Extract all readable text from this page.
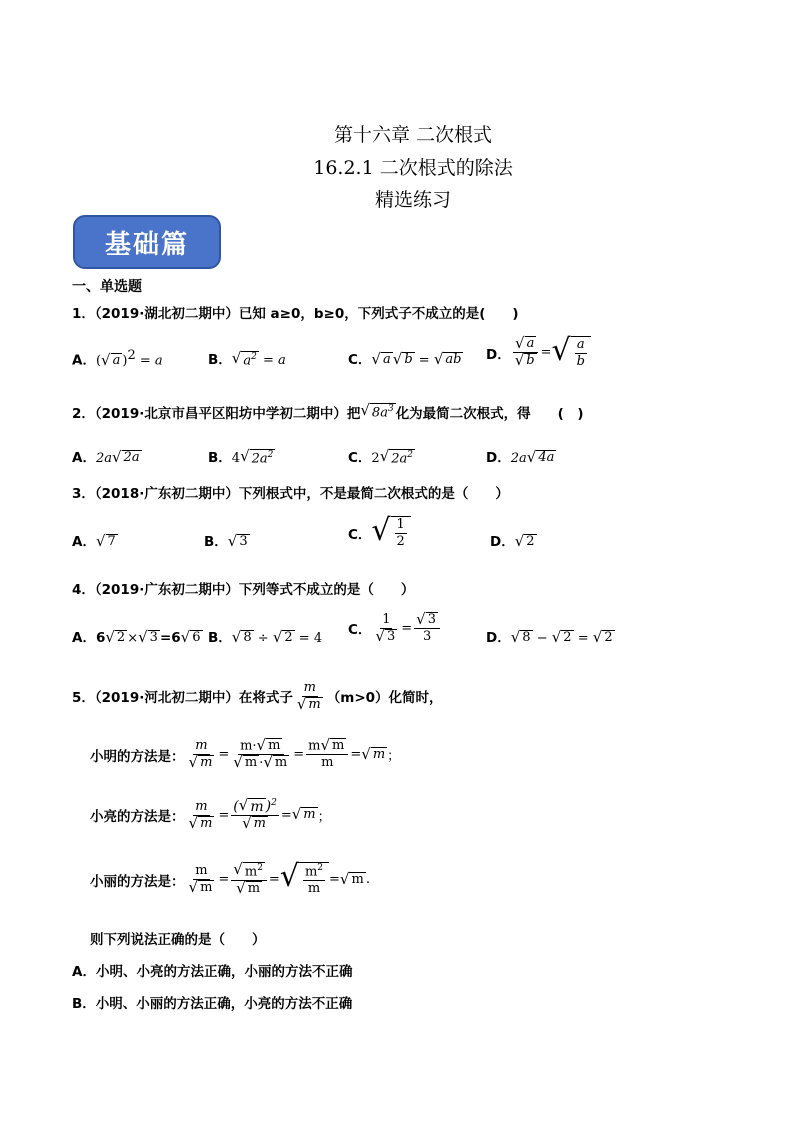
第十六章 二次根式
16.2.1 二次根式的除法
精选练习
基础篇
一、单选题
1．（2019·湖北初二期中）已知 a≥0，b≥0，下列式子不成立的是(　　)
A．( √ a )$^2$ = a	B． √ $a^2 = a$	C． √ a √ b = √ ab D． $\frac{√ a}{√ b}$ = √ $\frac{a}{b}$
2．（2019·北京市昌平区阳坊中学初二期中）把 √ $8a^3$ 化为最简二次根式，得　　(　)
A．2a √ 2a	B．4 √ $2a^2$	C．2 √ $2a^2$	D．2a √ 4a
3．（2018·广东初二期中）下列根式中，不是最简二次根式的是（　　）
A． √ 7	B． √ 3	C． √ $\frac{1}{2}$	D． √ 2
4．（2019·广东初二期中）下列等式不成立的是（　　）
A．6 √ 2 × √ 3 =6 √ 6 B． √ 8 ÷ √ 2 = 4
C． $\frac{1}{√ 3} = \frac{√ 3}{3}$	D． √ 8 − √ 2 = √ 2
5．（2019·河北初二期中）在将式子 $\frac{m}{√ m} (m>0)$化简时，
小明的方法是： $\frac{m}{√ m} = \frac{m\cdot √ m}{√ m \cdot √ m} = \frac{m √ m}{m}$ = √ m ；
小亮的方法是： $\frac{m}{√ m} = \frac{( √ m )^2}{√ m}$ = √ m ；
小丽的方法是： $\frac{m}{√ m} = \frac{√ m^2}{√ m}$ = √ $\frac{m^2}{m}$ = √ m .
则下列说法正确的是（　　）
A．小明、小亮的方法正确，小丽的方法不正确
B．小明、小丽的方法正确，小亮的方法不正确
